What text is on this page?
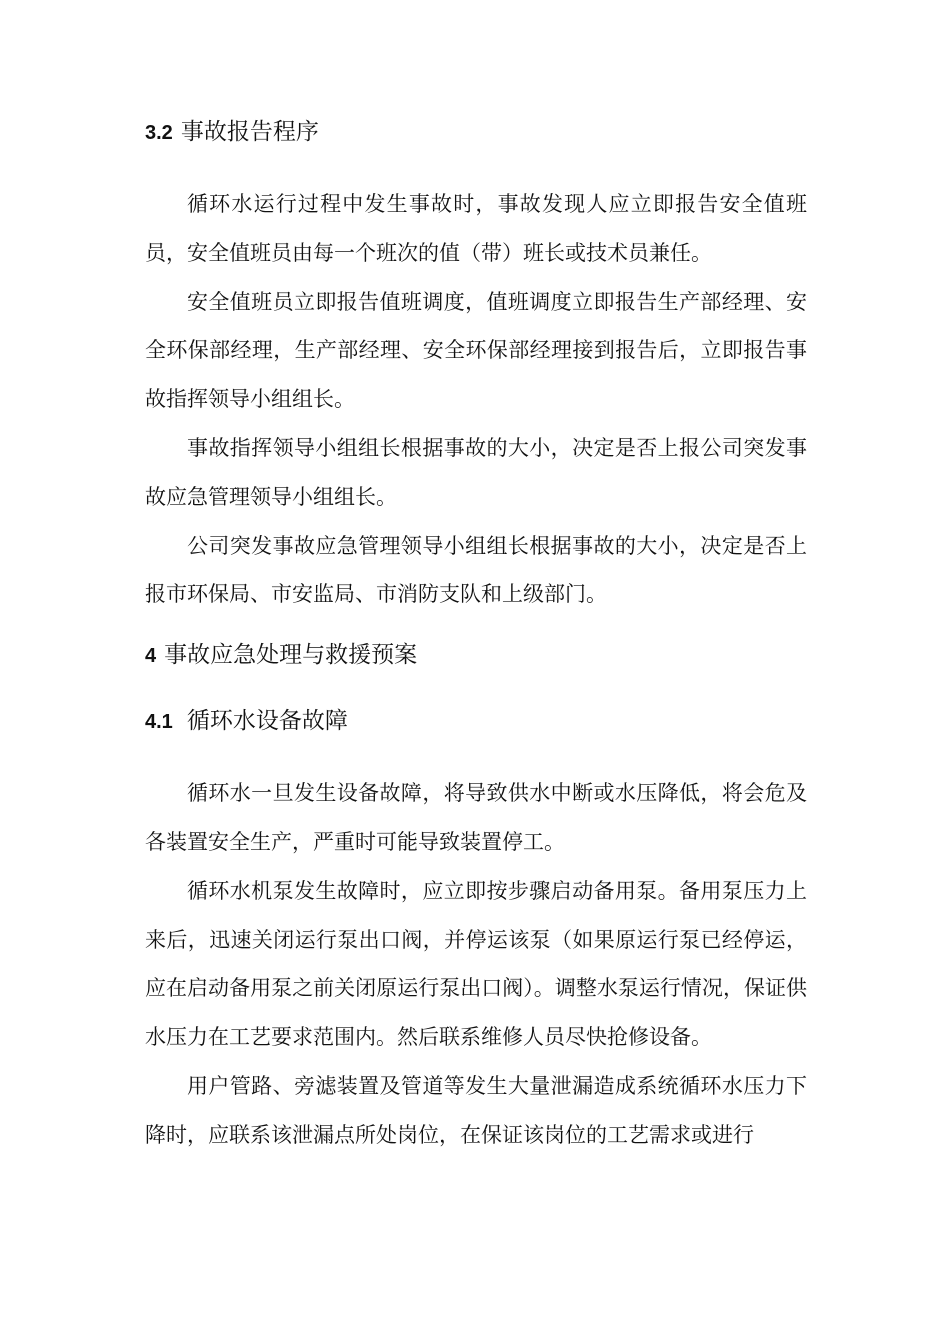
3.2 事故报告程序

循环水运行过程中发生事故时，事故发现人应立即报告安全值班员，安全值班员由每一个班次的值（带）班长或技术员兼任。

安全值班员立即报告值班调度，值班调度立即报告生产部经理、安全环保部经理，生产部经理、安全环保部经理接到报告后，立即报告事故指挥领导小组组长。

事故指挥领导小组组长根据事故的大小，决定是否上报公司突发事故应急管理领导小组组长。

公司突发事故应急管理领导小组组长根据事故的大小，决定是否上报市环保局、市安监局、市消防支队和上级部门。

4 事故应急处理与救援预案
4.1 循环水设备故障

循环水一旦发生设备故障，将导致供水中断或水压降低，将会危及各装置安全生产，严重时可能导致装置停工。

循环水机泵发生故障时，应立即按步骤启动备用泵。备用泵压力上来后，迅速关闭运行泵出口阀，并停运该泵（如果原运行泵已经停运，应在启动备用泵之前关闭原运行泵出口阀）。调整水泵运行情况，保证供水压力在工艺要求范围内。然后联系维修人员尽快抢修设备。

用户管路、旁滤装置及管道等发生大量泄漏造成系统循环水压力下降时，应联系该泄漏点所处岗位，在保证该岗位的工艺需求或进行
